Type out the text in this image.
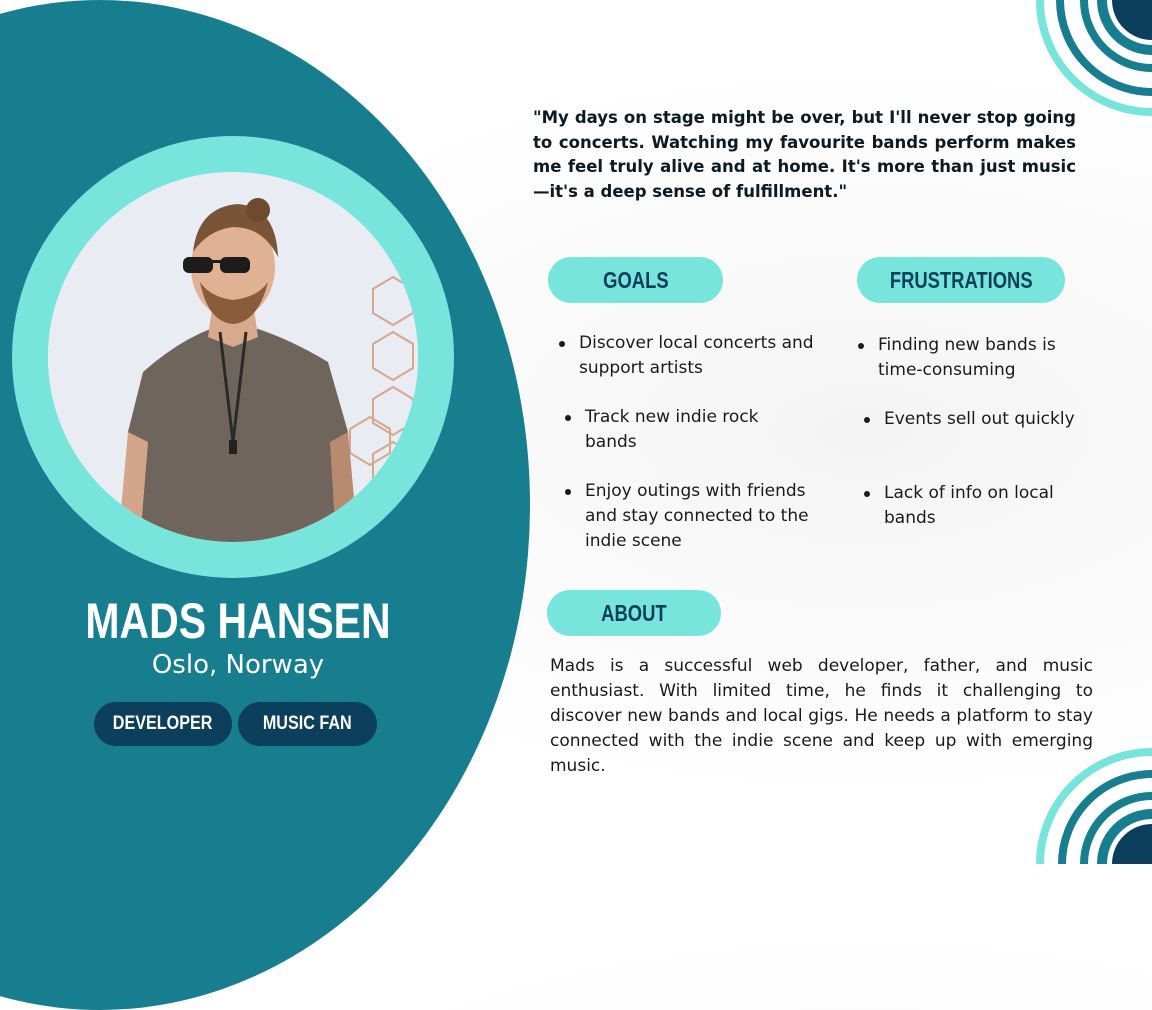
MADS HANSEN
Oslo, Norway
DEVELOPER	MUSIC FAN
"My days on stage might be over, but I'll never stop going to concerts. Watching my favourite bands perform makes me feel truly alive and at home. It's more than just music—it's a deep sense of fulfillment."
GOALS
Discover local concerts and support artists
Track new indie rock bands
Enjoy outings with friends and stay connected to the indie scene
FRUSTRATIONS
Finding new bands is time-consuming
Events sell out quickly
Lack of info on local bands
ABOUT
Mads is a successful web developer, father, and music enthusiast. With limited time, he finds it challenging to discover new bands and local gigs. He needs a platform to stay connected with the indie scene and keep up with emerging music.
